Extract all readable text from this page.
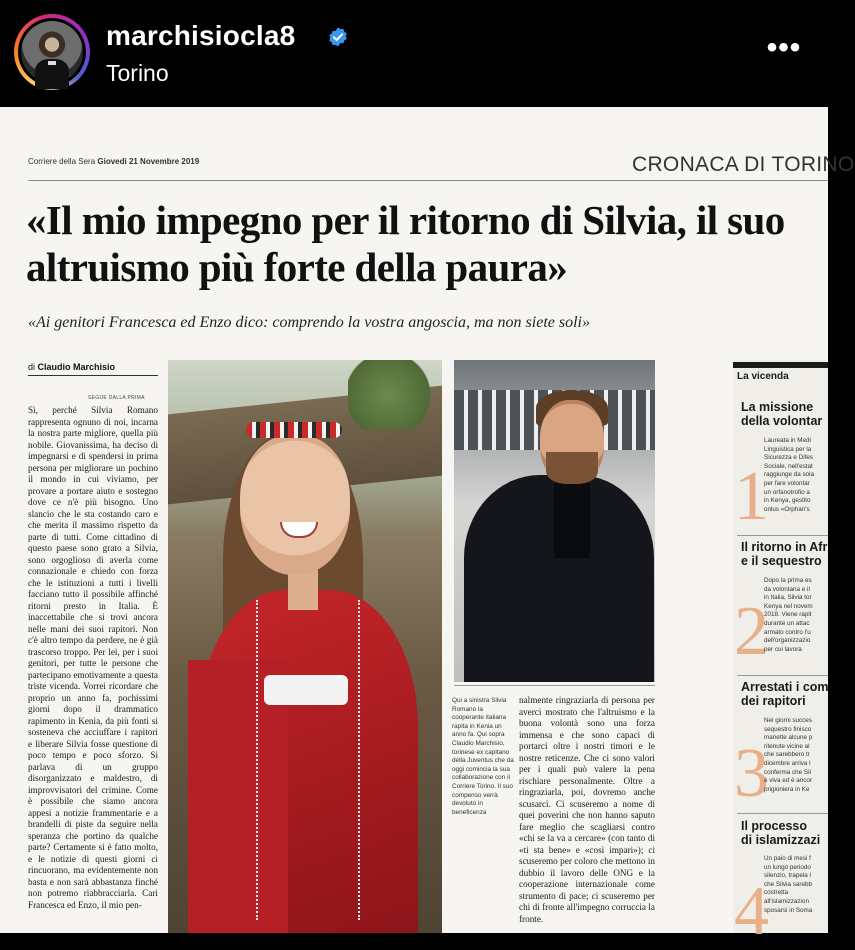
marchisiocla8
Torino
•••
Corriere della Sera Giovedì 21 Novembre 2019	CRONACA DI TORINO
«Il mio impegno per il ritorno di Silvia, il suo altruismo più forte della paura»
«Ai genitori Francesca ed Enzo dico: comprendo la vostra angoscia, ma non siete soli»
di Claudio Marchisio
SEGUE DALLA PRIMA
Sì, perché Silvia Romano rappresenta ognuno di noi, incarna la nostra parte migliore, quella più nobile. Giovanissima, ha deciso di impegnarsi e di spendersi in prima persona per migliorare un pochino il mondo in cui viviamo, per provare a portare aiuto e sostegno dove ce n'è più bisogno. Uno slancio che le sta costando caro e che merita il massimo rispetto da parte di tutti. Come cittadino di questo paese sono grato a Silvia, sono orgoglioso di averla come connazionale e chiedo con forza che le istituzioni a tutti i livelli facciano tutto il possibile affinché ritorni presto in Italia. È inaccettabile che si trovi ancora nelle mani dei suoi rapitori. Non c'è altro tempo da perdere, ne è già trascorso troppo. Per lei, per i suoi genitori, per tutte le persone che partecipano emotivamente a questa triste vicenda. Vorrei ricordare che proprio un anno fa, pochissimi giorni dopo il drammatico rapimento in Kenia, da più fonti si sosteneva che acciuffare i rapitori e liberare Silvia fosse questione di poco tempo e poco sforzo. Si parlava di un gruppo disorganizzato e maldestro, di improvvisatori del crimine. Come è possibile che siamo ancora appesi a notizie frammentarie e a brandelli di piste da seguire nella speranza che portino da qualche parte? Certamente si è fatto molto, e le notizie di questi giorni ci rincuorano, ma evidentemente non basta e non sarà abbastanza finché non potremo riabbracciarla. Cari Francesca ed Enzo, il mio pen-
Qui a sinistra Silvia Romano la cooperante italiana rapita in Kenia un anno fa. Qui sopra Claudio Marchisio, torinese ex capitano della Juventus che da oggi comincia la sua collaborazione con il Corriere Torino. Il suo compenso verrà devoluto in beneficenza
nalmente ringraziarla di persona per averci mostrato che l'altruismo e la buona volontà sono una forza immensa e che sono capaci di portarci oltre i nostri timori e le nostre reticenze. Che ci sono valori per i quali può valere la pena rischiare personalmente. Oltre a ringraziarla, poi, dovremo anche scusarci. Ci scuseremo a nome di quei poverini che non hanno saputo fare meglio che scagliarsi contro «chi se la va a cercare» (con tanto di «ti sta bene» e «così impari»); ci scuseremo per coloro che mettono in dubbio il lavoro delle ONG e la cooperazione internazionale come strumento di pace; ci scuseremo per chi di fronte all'impegno corruccia la fronte.
La vicenda
La missione
della volontar
1
Laureata in Medi
Linguistica per la
Sicurezza e Difes
Sociale, nell'estat
raggiunge da sola
per fare volontar
un orfanotrofio a
in Kenya, gestito
onlus «Orphan's
Il ritorno in Afr
e il sequestro
2
Dopo la prima es
da volontaria e il
in Italia, Silvia tor
Kenya nel novem
2018. Viene rapit
durante un attac
armato contro l'u
dell'organizzazio
per cui lavora
Arrestati i com
dei rapitori
3
Nei giorni succes
sequestro finisco
manette alcune p
ritenute vicine al
che sarebbero tr
dicembre arriva l
conferma che Sil
è viva ed è ancor
prigioniera in Ke
Il processo
di islamizzazi
4
Un paio di mesi f
un lungo periodo
silenzio, trapela l
che Silvia sarebb
costretta
all'islamizzazion
sposarsi in Soma
